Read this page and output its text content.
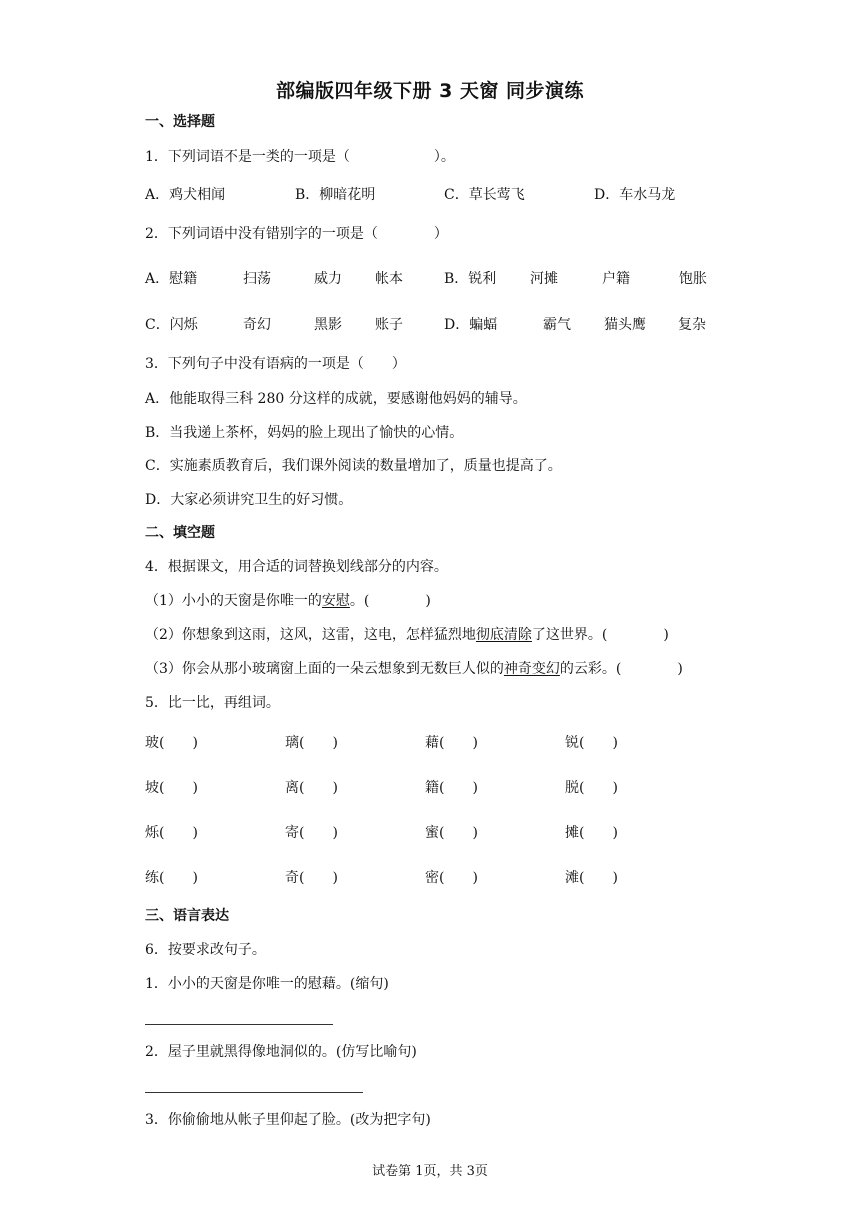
部编版四年级下册 3 天窗 同步演练
一、选择题
1．下列词语不是一类的一项是（　　　　　　）。
A．鸡犬相闻	B．柳暗花明	C．草长莺飞	D．车水马龙
2．下列词语中没有错别字的一项是（　　　　）
A．慰籍	扫荡	威力 帐本	B．锐利 河摊	户籍	饱胀
C．闪烁	奇幻	黑影 账子	D．蝙蝠	霸气 猫头鹰 复杂
3．下列句子中没有语病的一项是（　　）
A．他能取得三科 280 分这样的成就，要感谢他妈妈的辅导。
B．当我递上茶杯，妈妈的脸上现出了愉快的心情。
C．实施素质教育后，我们课外阅读的数量增加了，质量也提高了。
D．大家必须讲究卫生的好习惯。
二、填空题
4．根据课文，用合适的词替换划线部分的内容。
（1）小小的天窗是你唯一的安慰。(　　　　)
（2）你想象到这雨，这风，这雷，这电，怎样猛烈地彻底清除了这世界。(　　　　)
（3）你会从那小玻璃窗上面的一朵云想象到无数巨人似的神奇变幻的云彩。(　　　　)
5．比一比，再组词。
玻(　　)	璃(　　)	藉(　　)	锐(　　)
坡(　　)	离(　　)	籍(　　)	脱(　　)
烁(　　)	寄(　　)	蜜(　　)	摊(　　)
练(　　)	奇(　　)	密(　　)	滩(　　)
三、语言表达
6．按要求改句子。
1．小小的天窗是你唯一的慰藉。(缩句)
2．屋子里就黑得像地洞似的。(仿写比喻句)
3．你偷偷地从帐子里仰起了脸。(改为把字句)
试卷第 1页，共 3页
